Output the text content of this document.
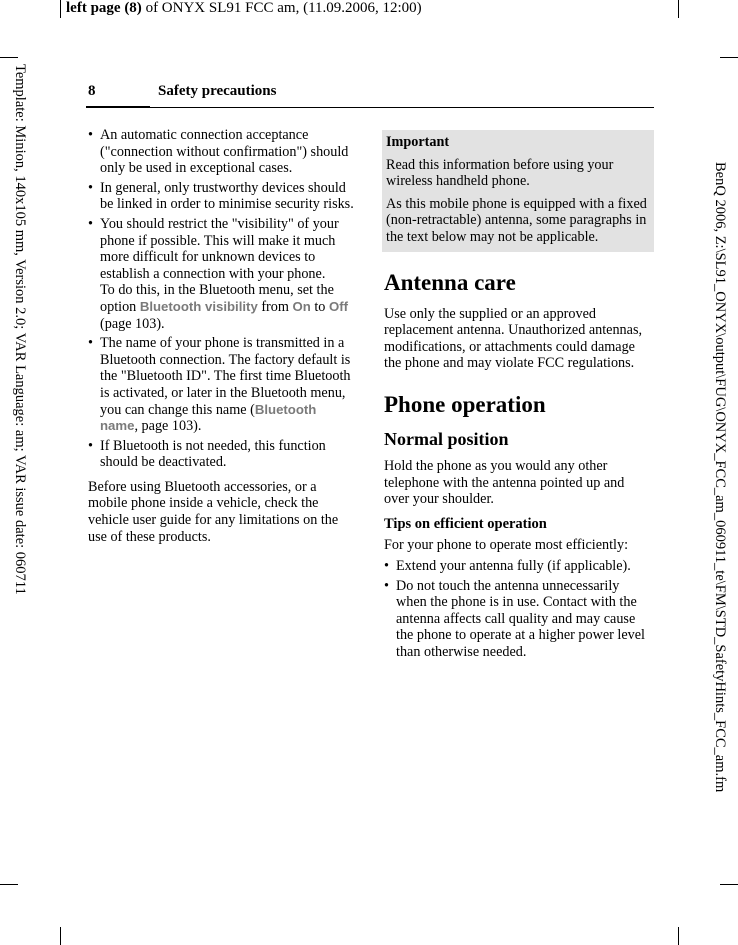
left page (8) of ONYX SL91 FCC am, (11.09.2006, 12:00)
Template: Minion, 140x105 mm, Version 2.0; VAR Language: am; VAR issue date: 060711	BenQ 2006, Z:\SL91_ONYX\output\FUG\ONYX_FCC_am_060911_te\FM\STD_SafetyHints_FCC_am.fm
8	Safety precautions
• An automatic connection acceptance ("connection without confirmation") should only be used in exceptional cases.
• In general, only trustworthy devices should be linked in order to minimise security risks.
• You should restrict the "visibility" of your phone if possible. This will make it much more difficult for unknown devices to establish a connection with your phone.
To do this, in the Bluetooth menu, set the option Bluetooth visibility from On to Off (page 103).
• The name of your phone is transmitted in a Bluetooth connection. The factory default is the "Bluetooth ID". The first time Bluetooth is activated, or later in the Bluetooth menu, you can change this name (Bluetooth name, page 103).
• If Bluetooth is not needed, this function should be deactivated.

Before using Bluetooth accessories, or a mobile phone inside a vehicle, check the vehicle user guide for any limitations on the use of these products.

Important

Read this information before using your wireless handheld phone.

As this mobile phone is equipped with a fixed (non-retractable) antenna, some paragraphs in the text below may not be applicable.

Antenna care

Use only the supplied or an approved replacement antenna. Unauthorized antennas, modifications, or attachments could damage the phone and may violate FCC regulations.

Phone operation
Normal position

Hold the phone as you would any other telephone with the antenna pointed up and over your shoulder.

Tips on efficient operation

For your phone to operate most efficiently:

• Extend your antenna fully (if applicable).
• Do not touch the antenna unnecessarily when the phone is in use. Contact with the antenna affects call quality and may cause the phone to operate at a higher power level than otherwise needed.
